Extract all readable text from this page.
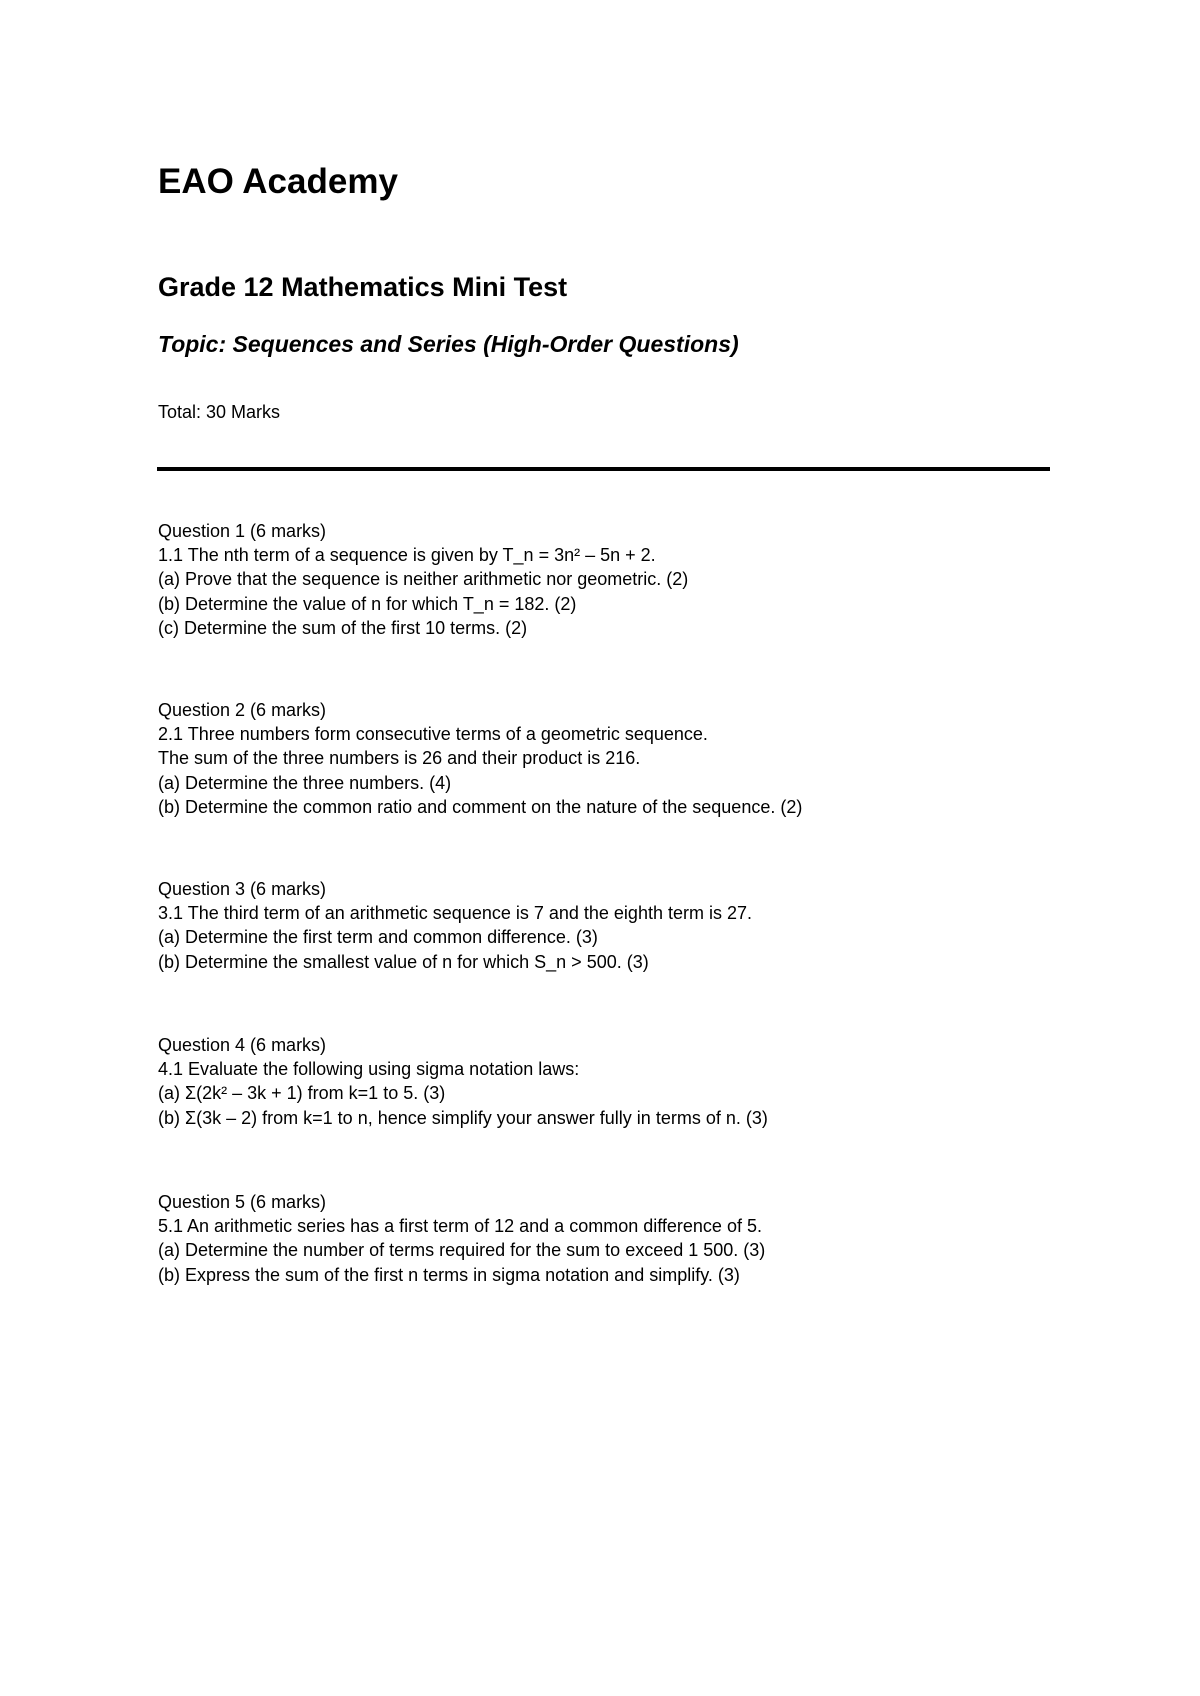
EAO Academy
Grade 12 Mathematics Mini Test
Topic: Sequences and Series (High-Order Questions)

Total: 30 Marks

Question 1 (6 marks)
1.1 The nth term of a sequence is given by T_n = 3n² – 5n + 2.
(a) Prove that the sequence is neither arithmetic nor geometric. (2)
(b) Determine the value of n for which T_n = 182. (2)
(c) Determine the sum of the first 10 terms. (2)
Question 2 (6 marks)
2.1 Three numbers form consecutive terms of a geometric sequence.
The sum of the three numbers is 26 and their product is 216.
(a) Determine the three numbers. (4)
(b) Determine the common ratio and comment on the nature of the sequence. (2)
Question 3 (6 marks)
3.1 The third term of an arithmetic sequence is 7 and the eighth term is 27.
(a) Determine the first term and common difference. (3)
(b) Determine the smallest value of n for which S_n > 500. (3)
Question 4 (6 marks)
4.1 Evaluate the following using sigma notation laws:
(a) Σ(2k² – 3k + 1) from k=1 to 5. (3)
(b) Σ(3k – 2) from k=1 to n, hence simplify your answer fully in terms of n. (3)
Question 5 (6 marks)
5.1 An arithmetic series has a first term of 12 and a common difference of 5.
(a) Determine the number of terms required for the sum to exceed 1 500. (3)
(b) Express the sum of the first n terms in sigma notation and simplify. (3)
